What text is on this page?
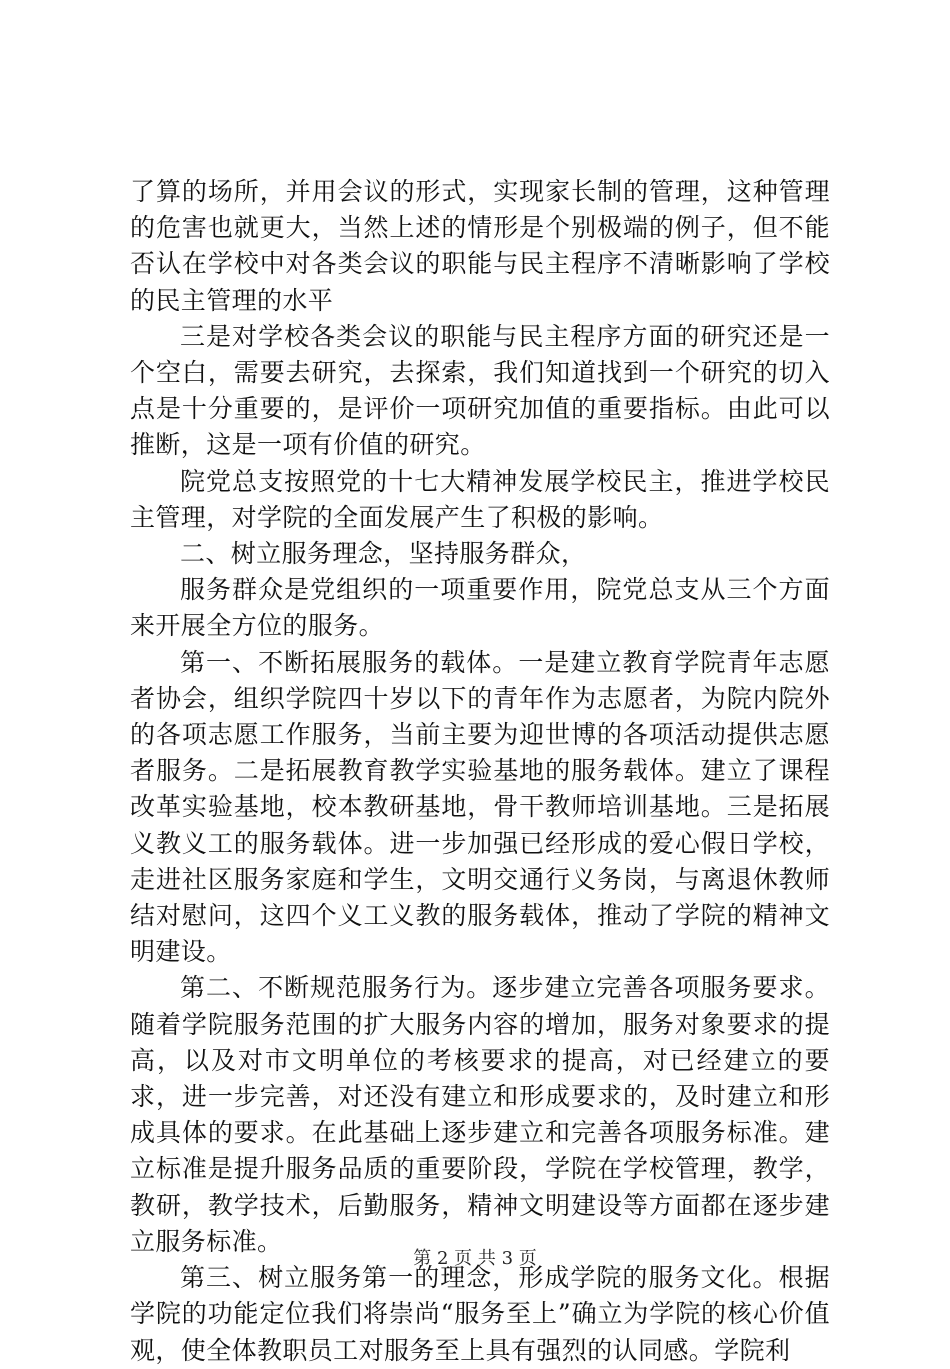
了算的场所，并用会议的形式，实现家长制的管理，这种管理的危害也就更大，当然上述的情形是个别极端的例子，但不能否认在学校中对各类会议的职能与民主程序不清晰影响了学校的民主管理的水平

三是对学校各类会议的职能与民主程序方面的研究还是一个空白，需要去研究，去探索，我们知道找到一个研究的切入点是十分重要的，是评价一项研究加值的重要指标。由此可以推断，这是一项有价值的研究。

院党总支按照党的十七大精神发展学校民主，推进学校民主管理，对学院的全面发展产生了积极的影响。

二、树立服务理念，坚持服务群众，

服务群众是党组织的一项重要作用，院党总支从三个方面来开展全方位的服务。

第一、不断拓展服务的载体。一是建立教育学院青年志愿者协会，组织学院四十岁以下的青年作为志愿者，为院内院外的各项志愿工作服务，当前主要为迎世博的各项活动提供志愿者服务。二是拓展教育教学实验基地的服务载体。建立了课程改革实验基地，校本教研基地，骨干教师培训基地。三是拓展义教义工的服务载体。进一步加强已经形成的爱心假日学校，走进社区服务家庭和学生，文明交通行义务岗，与离退休教师结对慰问，这四个义工义教的服务载体，推动了学院的精神文明建设。

第二、不断规范服务行为。逐步建立完善各项服务要求。随着学院服务范围的扩大服务内容的增加，服务对象要求的提高，以及对市文明单位的考核要求的提高，对已经建立的要求，进一步完善，对还没有建立和形成要求的，及时建立和形成具体的要求。在此基础上逐步建立和完善各项服务标准。建立标准是提升服务品质的重要阶段，学院在学校管理，教学，教研，教学技术，后勤服务，精神文明建设等方面都在逐步建立服务标准。

第三、树立服务第一的理念，形成学院的服务文化。根据学院的功能定位我们将崇尚“服务至上”确立为学院的核心价值观，使全体教职员工对服务至上具有强烈的认同感。学院利

第 2 页 共 3 页
